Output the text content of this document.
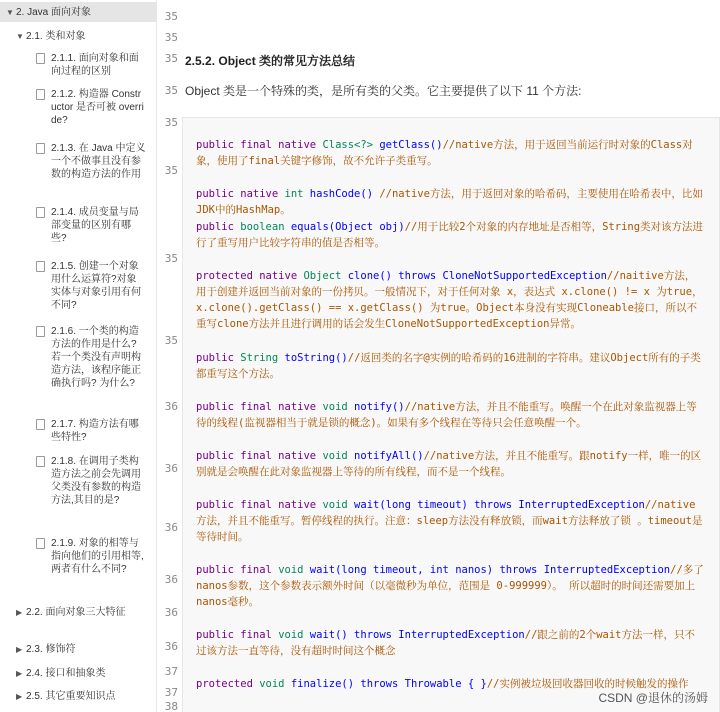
▼ 2. Java 面向对象
▼ 2.1. 类和对象
2.1.1. 面向对象和面向过程的区别
2.1.2. 构造器 Constructor 是否可被 override?
2.1.3. 在 Java 中定义一个不做事且没有参数的构造方法的作用
2.1.4. 成员变量与局部变量的区别有哪些?
2.1.5. 创建一个对象用什么运算符?对象实体与对象引用有何不同?
2.1.6. 一个类的构造方法的作用是什么? 若一个类没有声明构造方法，该程序能正确执行吗? 为什么?
2.1.7. 构造方法有哪些特性?
2.1.8. 在调用子类构造方法之前会先调用父类没有参数的构造方法,其目的是?
2.1.9. 对象的相等与指向他们的引用相等,两者有什么不同?
▶ 2.2. 面向对象三大特征
▶ 2.3. 修饰符
▶ 2.4. 接口和抽象类
▶ 2.5. 其它重要知识点
35
35
35
35
35
35
35
35
36
36
36
36
36
36
37
37
38
2.5.2. Object 类的常见方法总结
Object 类是一个特殊的类，是所有类的父类。它主要提供了以下 11 个方法:
public final native Class<?> getClass()//native方法，用于返回当前运行时对象的Class对
象，使用了final关键字修饰，故不允许子类重写。
public native int hashCode() //native方法，用于返回对象的哈希码，主要使用在哈希表中，比如
JDK中的HashMap。
public boolean equals(Object obj)//用于比较2个对象的内存地址是否相等，String类对该方法进
行了重写用户比较字符串的值是否相等。
protected native Object clone() throws CloneNotSupportedException//naitive方法，
用于创建并返回当前对象的一份拷贝。一般情况下，对于任何对象 x，表达式 x.clone() != x 为true，
x.clone().getClass() == x.getClass() 为true。Object本身没有实现Cloneable接口，所以不
重写clone方法并且进行调用的话会发生CloneNotSupportedException异常。
public String toString()//返回类的名字@实例的哈希码的16进制的字符串。建议Object所有的子类
都重写这个方法。
public final native void notify()//native方法，并且不能重写。唤醒一个在此对象监视器上等
待的线程(监视器相当于就是锁的概念)。如果有多个线程在等待只会任意唤醒一个。
public final native void notifyAll()//native方法，并且不能重写。跟notify一样，唯一的区
别就是会唤醒在此对象监视器上等待的所有线程，而不是一个线程。
public final native void wait(long timeout) throws InterruptedException//native
方法，并且不能重写。暂停线程的执行。注意：sleep方法没有释放锁，而wait方法释放了锁 。timeout是
等待时间。
public final void wait(long timeout, int nanos) throws InterruptedException//多了
nanos参数，这个参数表示额外时间（以毫微秒为单位，范围是 0-999999）。 所以超时的时间还需要加上
nanos毫秒。
public final void wait() throws InterruptedException//跟之前的2个wait方法一样，只不
过该方法一直等待，没有超时时间这个概念
protected void finalize() throws Throwable { }//实例被垃圾回收器回收的时候触发的操作
CSDN @退休的汤姆
